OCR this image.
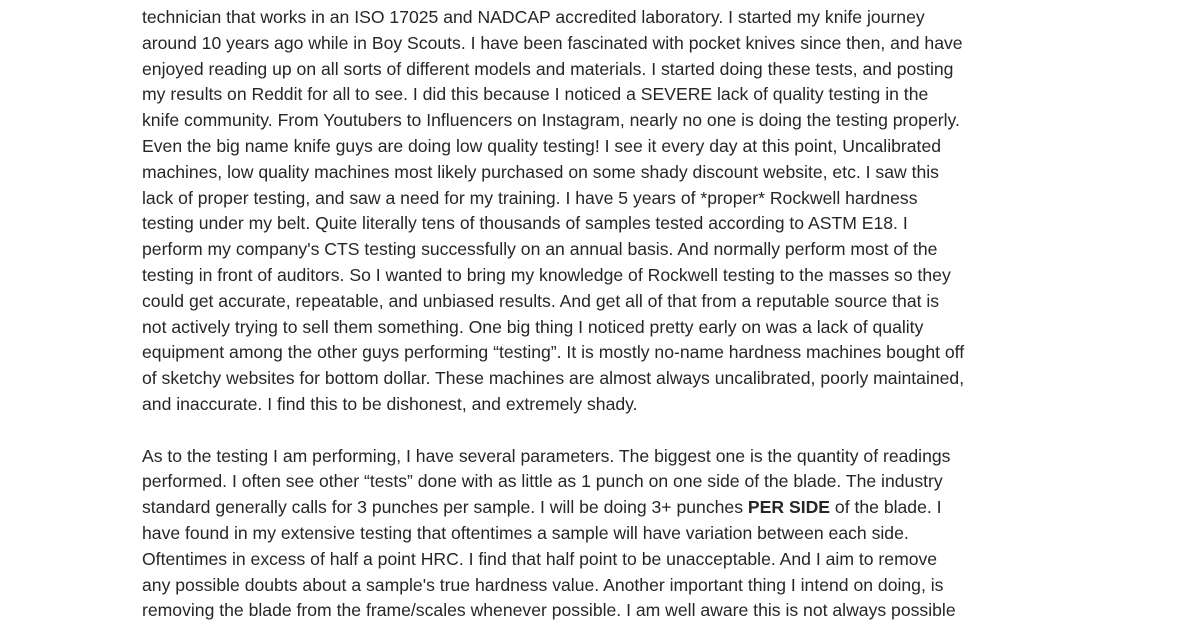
technician that works in an ISO 17025 and NADCAP accredited laboratory. I started my knife journey
around 10 years ago while in Boy Scouts. I have been fascinated with pocket knives since then, and have
enjoyed reading up on all sorts of different models and materials. I started doing these tests, and posting
my results on Reddit for all to see. I did this because I noticed a SEVERE lack of quality testing in the
knife community. From Youtubers to Influencers on Instagram, nearly no one is doing the testing properly.
Even the big name knife guys are doing low quality testing! I see it every day at this point, Uncalibrated
machines, low quality machines most likely purchased on some shady discount website, etc. I saw this
lack of proper testing, and saw a need for my training. I have 5 years of *proper* Rockwell hardness
testing under my belt. Quite literally tens of thousands of samples tested according to ASTM E18. I
perform my company's CTS testing successfully on an annual basis. And normally perform most of the
testing in front of auditors. So I wanted to bring my knowledge of Rockwell testing to the masses so they
could get accurate, repeatable, and unbiased results. And get all of that from a reputable source that is
not actively trying to sell them something. One big thing I noticed pretty early on was a lack of quality
equipment among the other guys performing “testing”. It is mostly no-name hardness machines bought off
of sketchy websites for bottom dollar. These machines are almost always uncalibrated, poorly maintained,
and inaccurate. I find this to be dishonest, and extremely shady.
As to the testing I am performing, I have several parameters. The biggest one is the quantity of readings
performed. I often see other “tests” done with as little as 1 punch on one side of the blade. The industry
standard generally calls for 3 punches per sample. I will be doing 3+ punches PER SIDE of the blade. I
have found in my extensive testing that oftentimes a sample will have variation between each side.
Oftentimes in excess of half a point HRC. I find that half point to be unacceptable. And I aim to remove
any possible doubts about a sample's true hardness value. Another important thing I intend on doing, is
removing the blade from the frame/scales whenever possible. I am well aware this is not always possible
